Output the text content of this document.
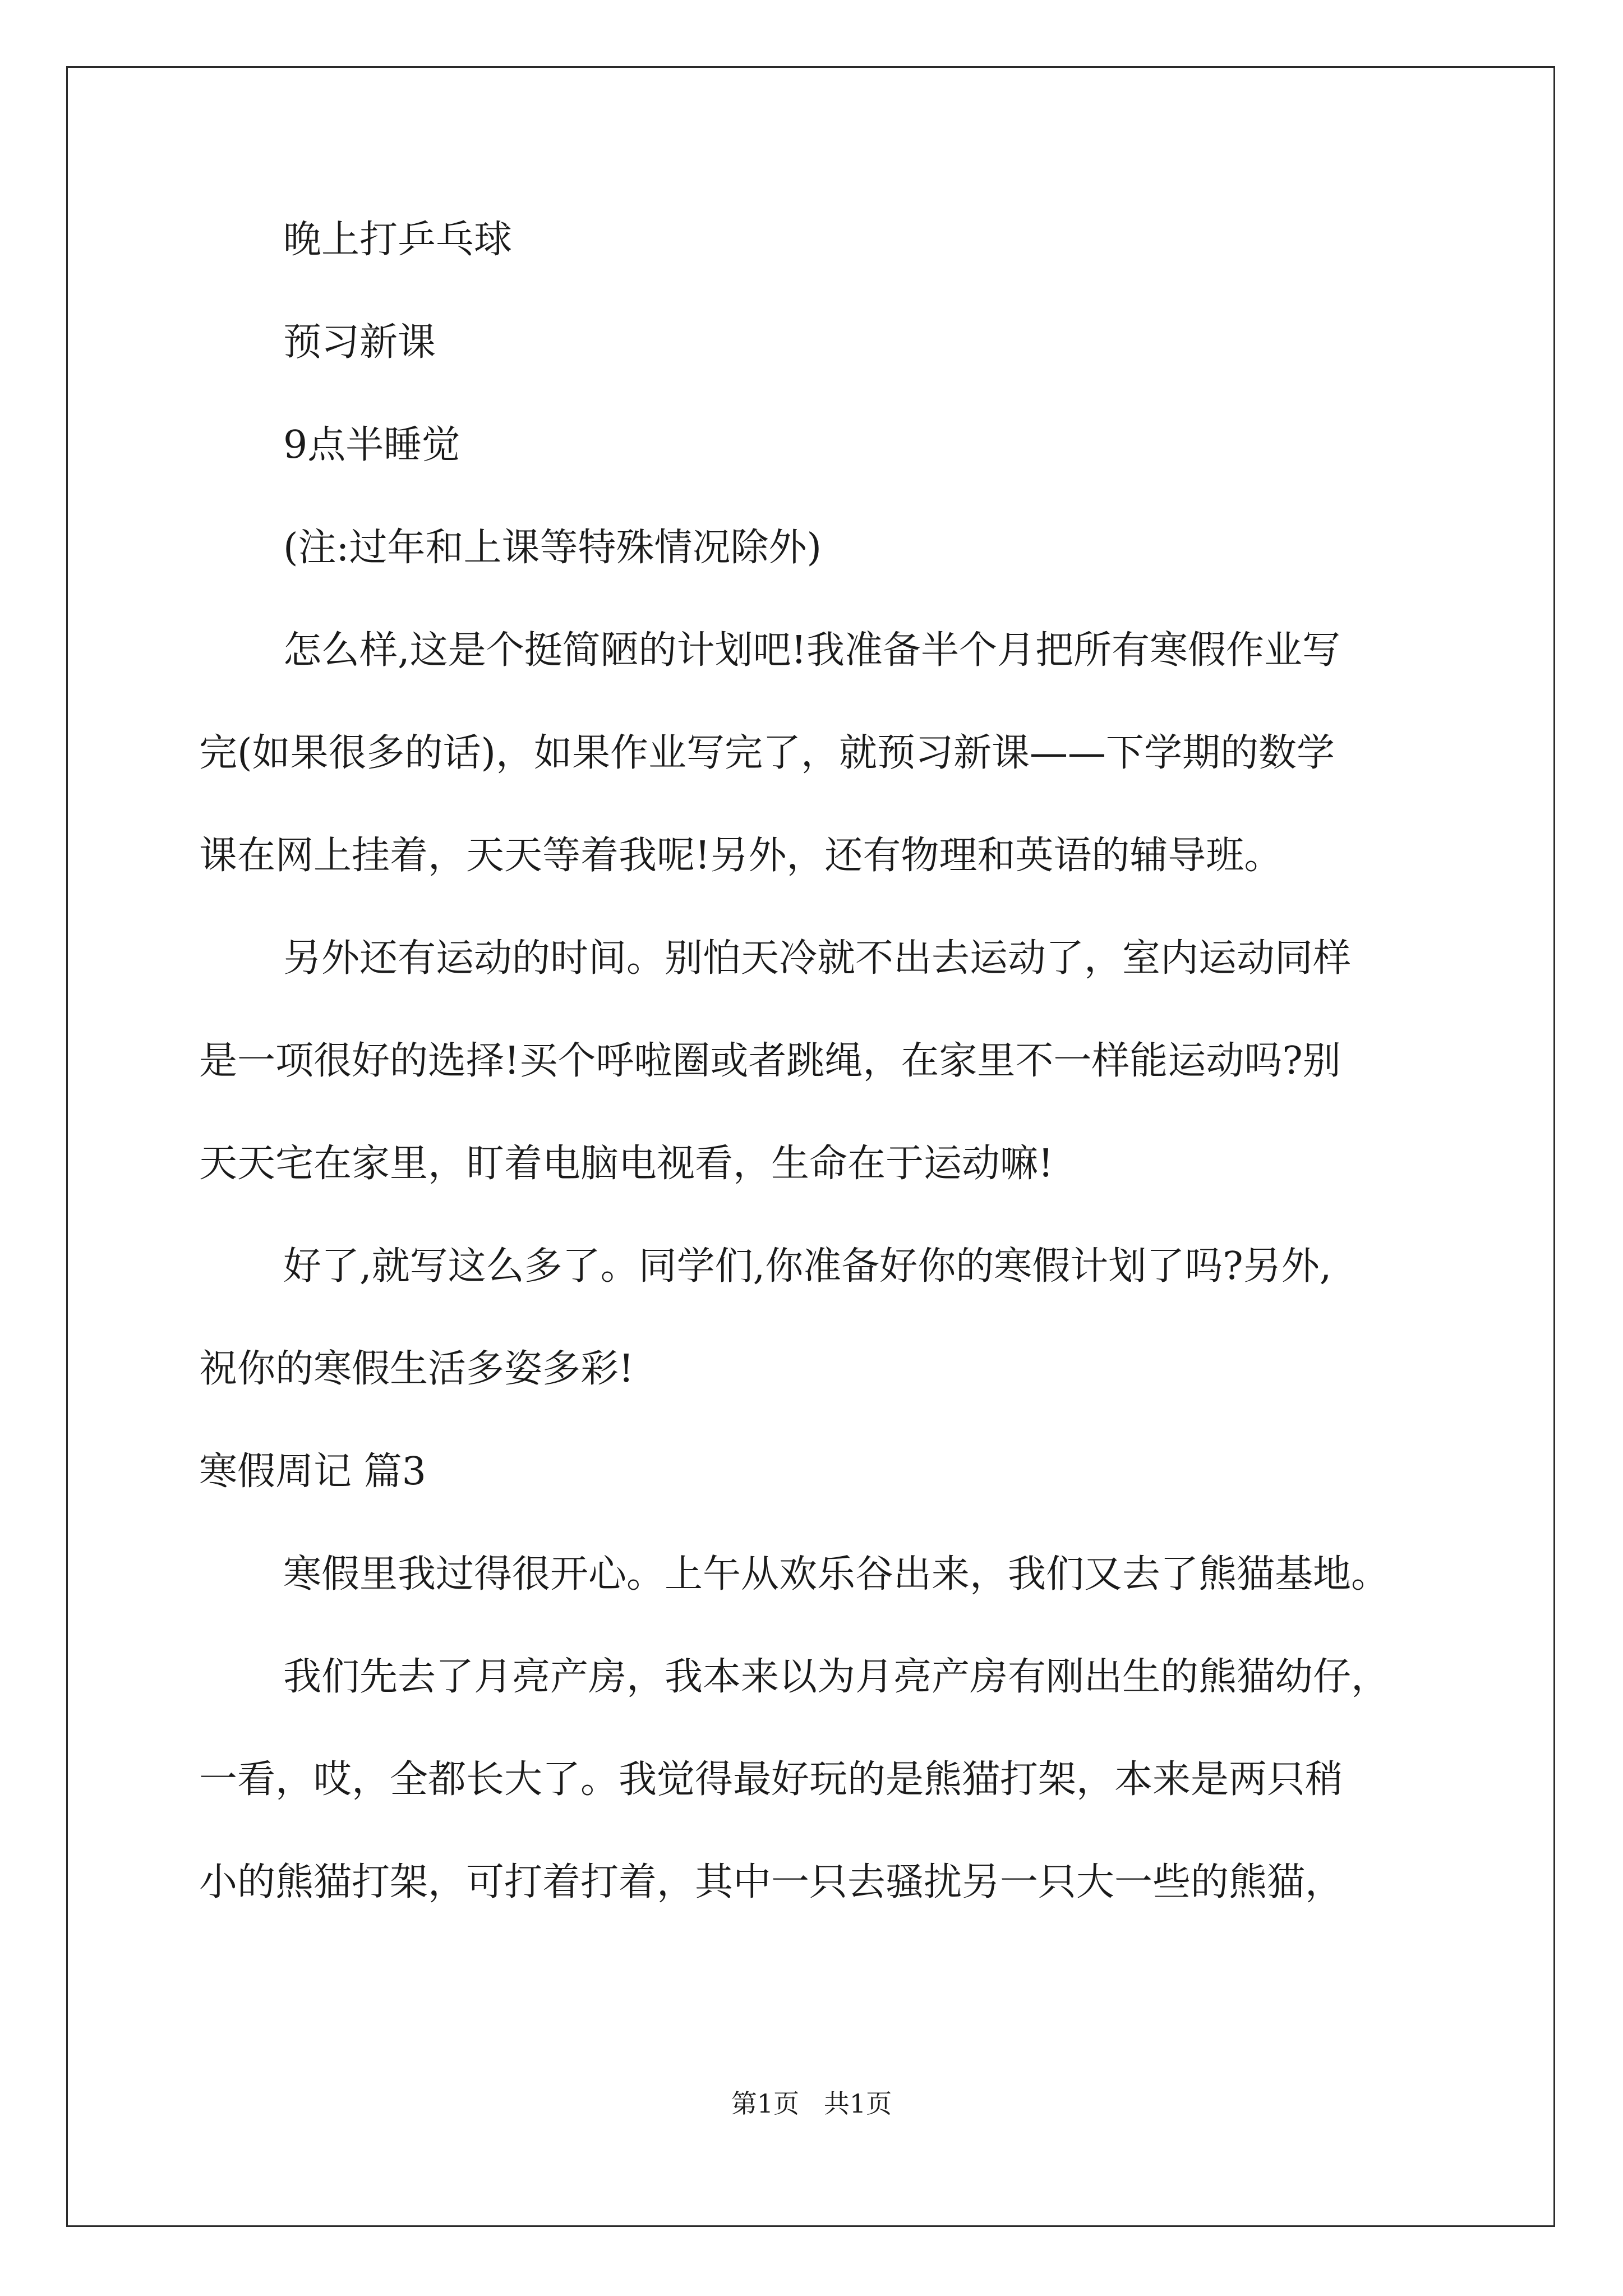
晚上打乒乓球
预习新课
9点半睡觉
(注:过年和上课等特殊情况除外)
怎么样,这是个挺简陋的计划吧!我准备半个月把所有寒假作业写
完(如果很多的话)，如果作业写完了，就预习新课——下学期的数学
课在网上挂着，天天等着我呢!另外，还有物理和英语的辅导班。
另外还有运动的时间。别怕天冷就不出去运动了，室内运动同样
是一项很好的选择!买个呼啦圈或者跳绳，在家里不一样能运动吗?别
天天宅在家里，盯着电脑电视看，生命在于运动嘛!
好了,就写这么多了。同学们,你准备好你的寒假计划了吗?另外,
祝你的寒假生活多姿多彩!
寒假周记 篇3
寒假里我过得很开心。上午从欢乐谷出来，我们又去了熊猫基地。
我们先去了月亮产房，我本来以为月亮产房有刚出生的熊猫幼仔，
一看，哎，全都长大了。我觉得最好玩的是熊猫打架，本来是两只稍
小的熊猫打架，可打着打着，其中一只去骚扰另一只大一些的熊猫，
第1页   共1页
